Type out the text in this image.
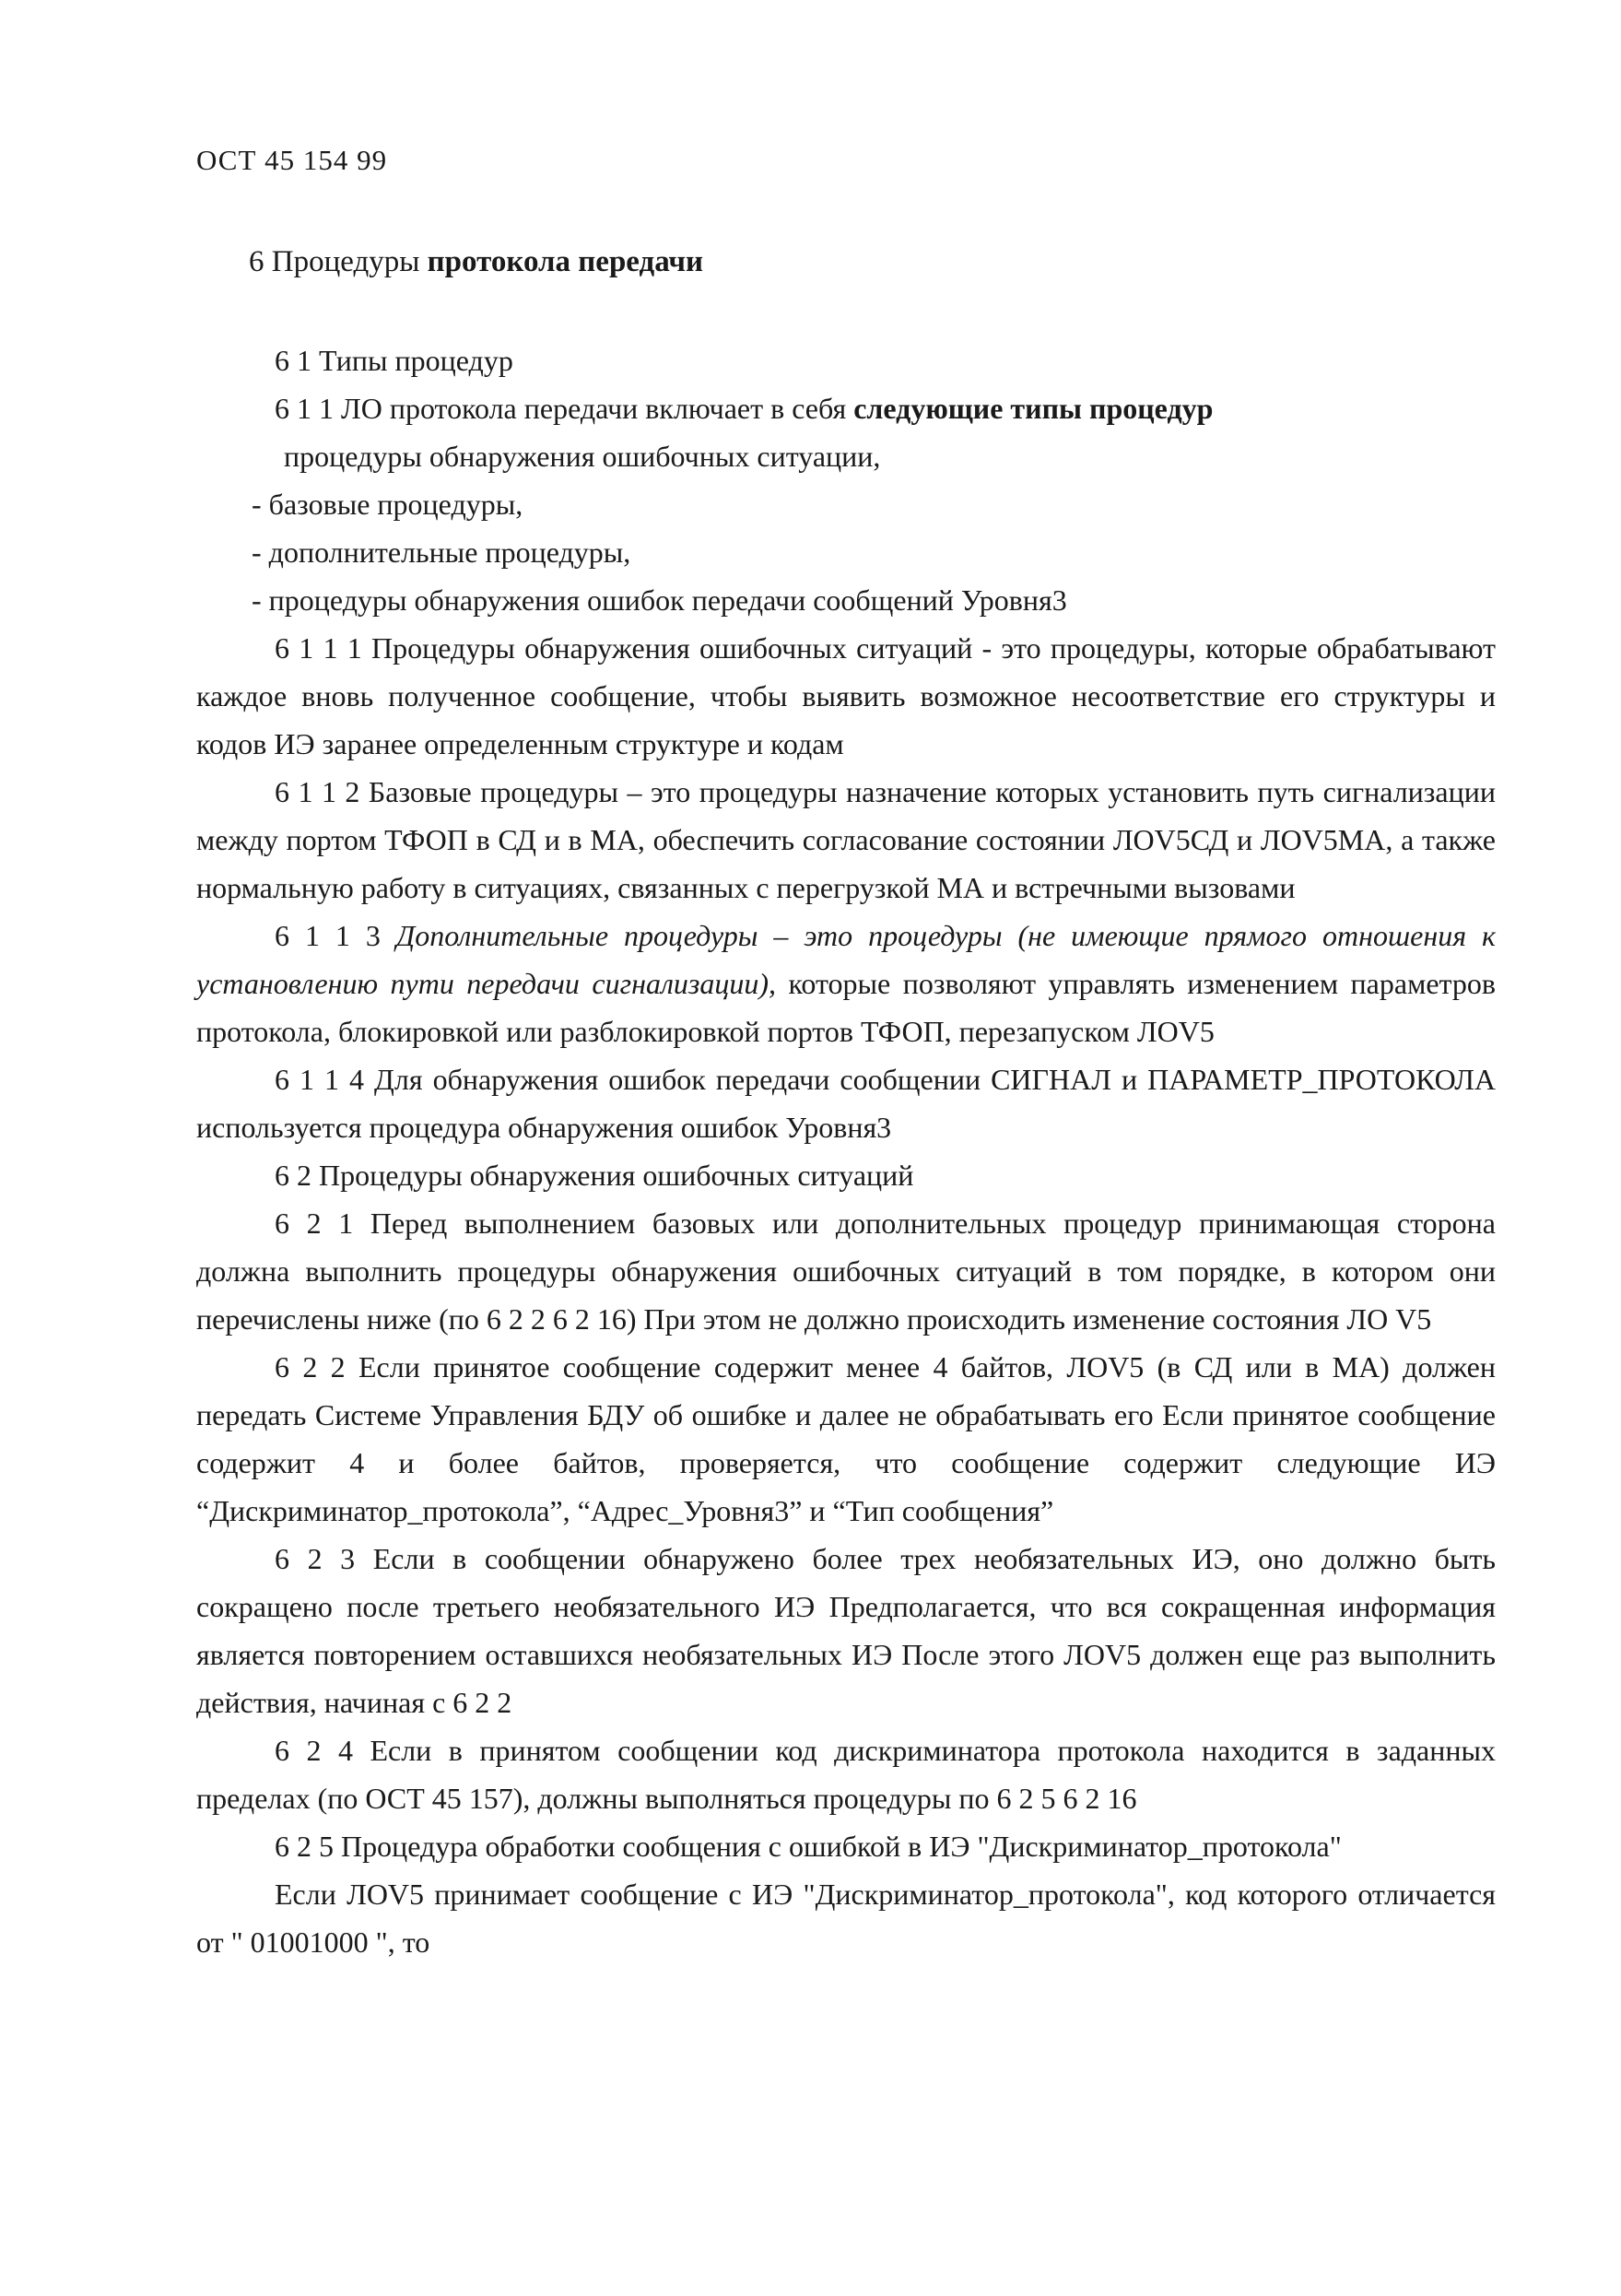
ОСТ 45 154 99
6 Процедуры протокола передачи

6 1 Типы процедур

6 1 1 ЛО протокола передачи включает в себя следующие типы процедур

процедуры обнаружения ошибочных ситуации,

- базовые процедуры,

- дополнительные процедуры,

- процедуры обнаружения ошибок передачи сообщений Уровня3

6 1 1 1 Процедуры обнаружения ошибочных ситуаций - это процедуры, которые обрабатывают каждое вновь полученное сообщение, чтобы выявить возможное несоответствие его структуры и кодов ИЭ заранее определенным структуре и кодам

6 1 1 2 Базовые процедуры – это процедуры назначение которых установить путь сигнализации между портом ТФОП в СД и в МА, обеспечить согласование состоянии ЛОV5СД и ЛОV5МА, а также нормальную работу в ситуациях, связанных с перегрузкой МА и встречными вызовами

6 1 1 3 Дополнительные процедуры – это процедуры (не имеющие прямого отношения к установлению пути передачи сигнализации), которые позволяют управлять изменением параметров протокола, блокировкой или разблокировкой портов ТФОП, перезапуском ЛОV5

6 1 1 4 Для обнаружения ошибок передачи сообщении СИГНАЛ и ПАРАМЕТР_ПРОТОКОЛА используется процедура обнаружения ошибок Уровня3

6 2 Процедуры обнаружения ошибочных ситуаций

6 2 1 Перед выполнением базовых или дополнительных процедур принимающая сторона должна выполнить процедуры обнаружения ошибочных ситуаций в том порядке, в котором они перечислены ниже (по 6 2 2 6 2 16) При этом не должно происходить изменение состояния ЛО V5

6 2 2 Если принятое сообщение содержит менее 4 байтов, ЛОV5 (в СД или в МА) должен передать Системе Управления БДУ об ошибке и далее не обрабатывать его Если принятое сообщение содержит 4 и более байтов, проверяется, что сообщение содержит следующие ИЭ “Дискриминатор_протокола”, “Адрес_Уровня3” и “Тип сообщения”

6 2 3 Если в сообщении обнаружено более трех необязательных ИЭ, оно должно быть сокращено после третьего необязательного ИЭ Предполагается, что вся сокращенная информация является повторением оставшихся необязательных ИЭ После этого ЛОV5 должен еще раз выполнить действия, начиная с 6 2 2

6 2 4 Если в принятом сообщении код дискриминатора протокола находится в заданных пределах (по ОСТ 45 157), должны выполняться процедуры по 6 2 5 6 2 16

6 2 5 Процедура обработки сообщения с ошибкой в ИЭ "Дискриминатор_протокола"

Если ЛОV5 принимает сообщение с ИЭ "Дискриминатор_протокола", код которого отличается от " 01001000 ", то
